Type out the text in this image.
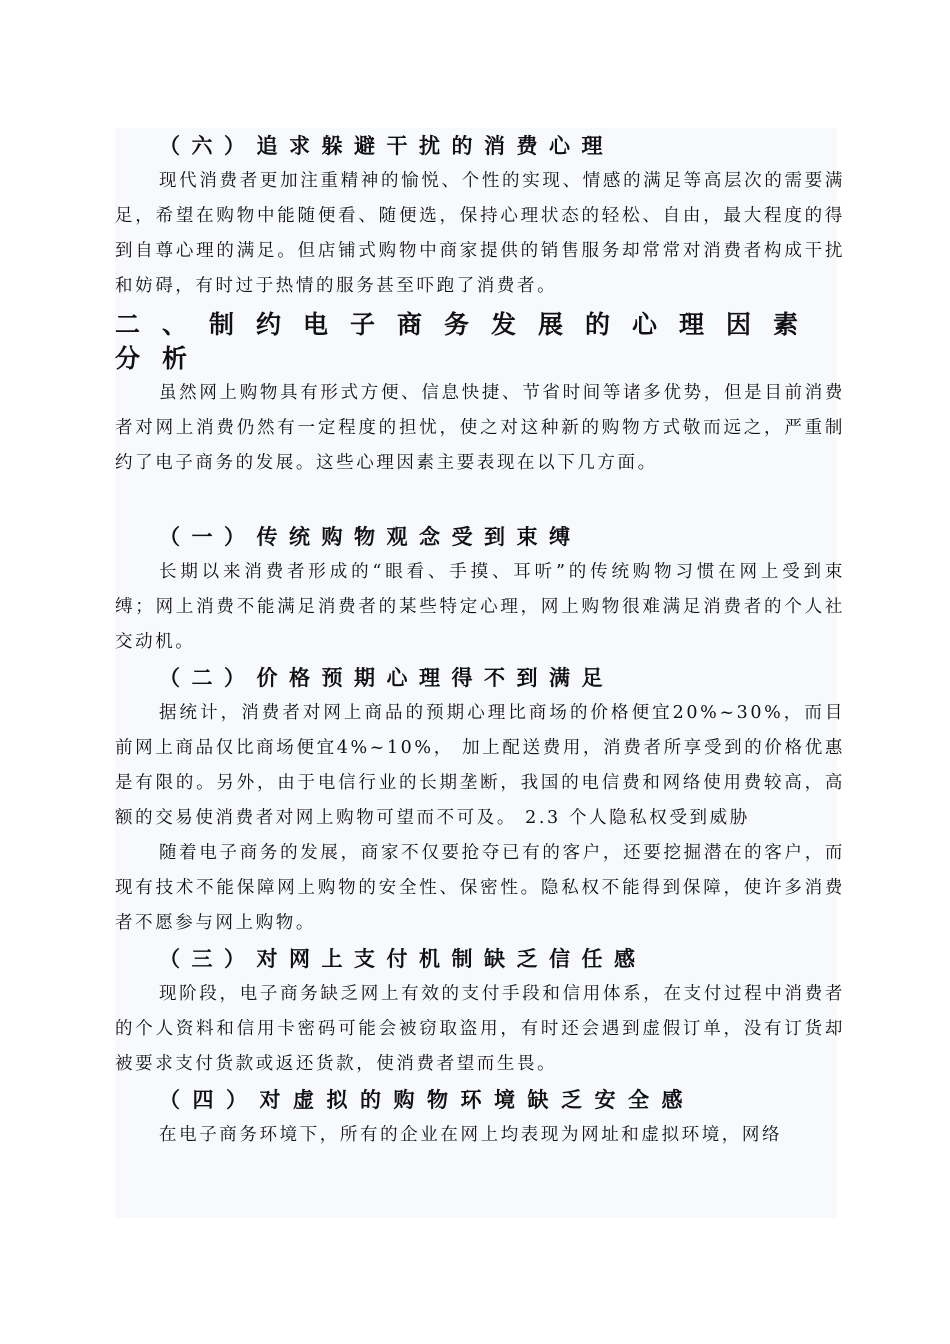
（六）追求躲避干扰的消费心理

现代消费者更加注重精神的愉悦、个性的实现、情感的满足等高层次的需要满足，希望在购物中能随便看、随便选，保持心理状态的轻松、自由，最大程度的得到自尊心理的满足。但店铺式购物中商家提供的销售服务却常常对消费者构成干扰和妨碍，有时过于热情的服务甚至吓跑了消费者。

二、制约电子商务发展的心理因素分析

虽然网上购物具有形式方便、信息快捷、节省时间等诸多优势，但是目前消费者对网上消费仍然有一定程度的担忧，使之对这种新的购物方式敬而远之，严重制约了电子商务的发展。这些心理因素主要表现在以下几方面。

（一）传统购物观念受到束缚

长期以来消费者形成的“眼看、手摸、耳听”的传统购物习惯在网上受到束缚；网上消费不能满足消费者的某些特定心理，网上购物很难满足消费者的个人社交动机。

（二）价格预期心理得不到满足

据统计，消费者对网上商品的预期心理比商场的价格便宜20%~30%，而目前网上商品仅比商场便宜4%~10%， 加上配送费用，消费者所享受到的价格优惠是有限的。另外，由于电信行业的长期垄断，我国的电信费和网络使用费较高，高额的交易使消费者对网上购物可望而不可及。 2.3 个人隐私权受到威胁

随着电子商务的发展，商家不仅要抢夺已有的客户，还要挖掘潜在的客户，而现有技术不能保障网上购物的安全性、保密性。隐私权不能得到保障，使许多消费者不愿参与网上购物。

（三）对网上支付机制缺乏信任感

现阶段，电子商务缺乏网上有效的支付手段和信用体系，在支付过程中消费者的个人资料和信用卡密码可能会被窃取盗用，有时还会遇到虚假订单，没有订货却被要求支付货款或返还货款，使消费者望而生畏。

（四）对虚拟的购物环境缺乏安全感

在电子商务环境下，所有的企业在网上均表现为网址和虚拟环境，网络
